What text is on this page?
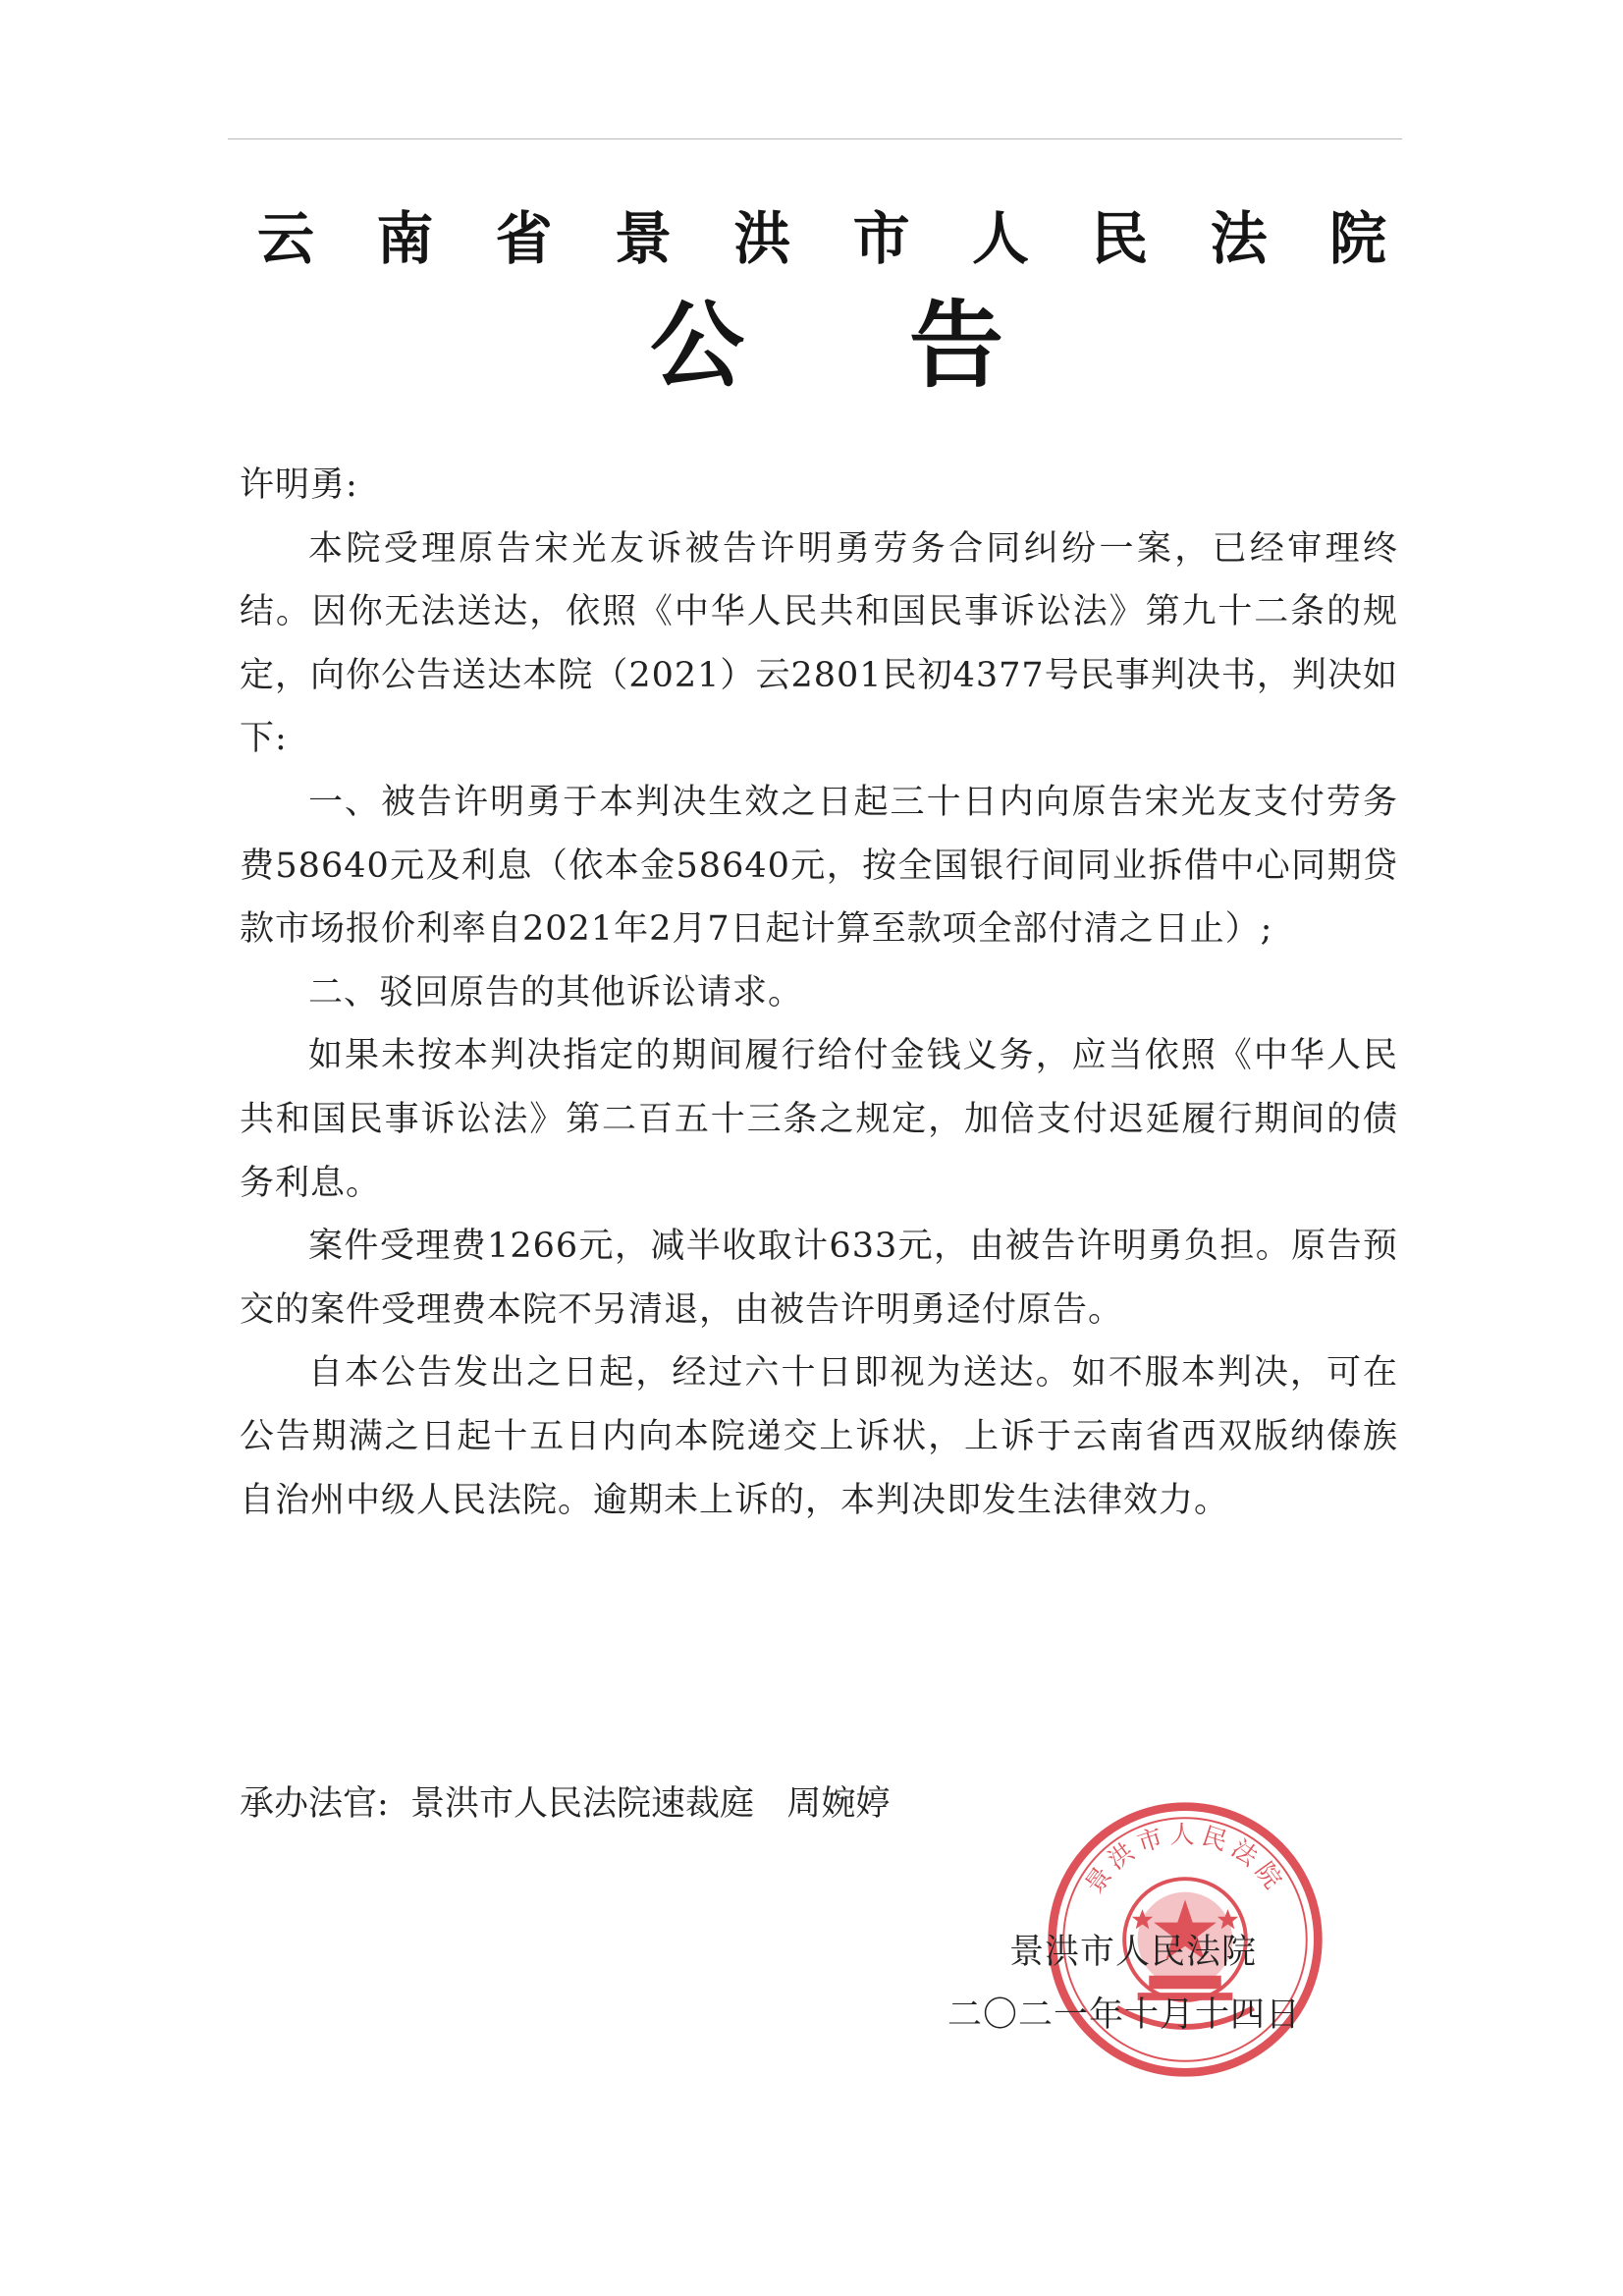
云 南 省 景 洪 市 人 民 法 院
公 告

许明勇:

本院受理原告宋光友诉被告许明勇劳务合同纠纷一案，已经审理终结。因你无法送达，依照《中华人民共和国民事诉讼法》第九十二条的规定，向你公告送达本院（2021）云2801民初4377号民事判决书，判决如下:

一、被告许明勇于本判决生效之日起三十日内向原告宋光友支付劳务费58640元及利息（依本金58640元，按全国银行间同业拆借中心同期贷款市场报价利率自2021年2月7日起计算至款项全部付清之日止）;

二、驳回原告的其他诉讼请求。

如果未按本判决指定的期间履行给付金钱义务，应当依照《中华人民共和国民事诉讼法》第二百五十三条之规定，加倍支付迟延履行期间的债务利息。

案件受理费1266元，减半收取计633元，由被告许明勇负担。原告预交的案件受理费本院不另清退，由被告许明勇迳付原告。

自本公告发出之日起，经过六十日即视为送达。如不服本判决，可在公告期满之日起十五日内向本院递交上诉状，上诉于云南省西双版纳傣族自治州中级人民法院。逾期未上诉的，本判决即发生法律效力。

承办法官:  景洪市人民法院速裁庭   周婉婷
景洪市人民法院
景洪市人民法院
二〇二一年十月十四日
